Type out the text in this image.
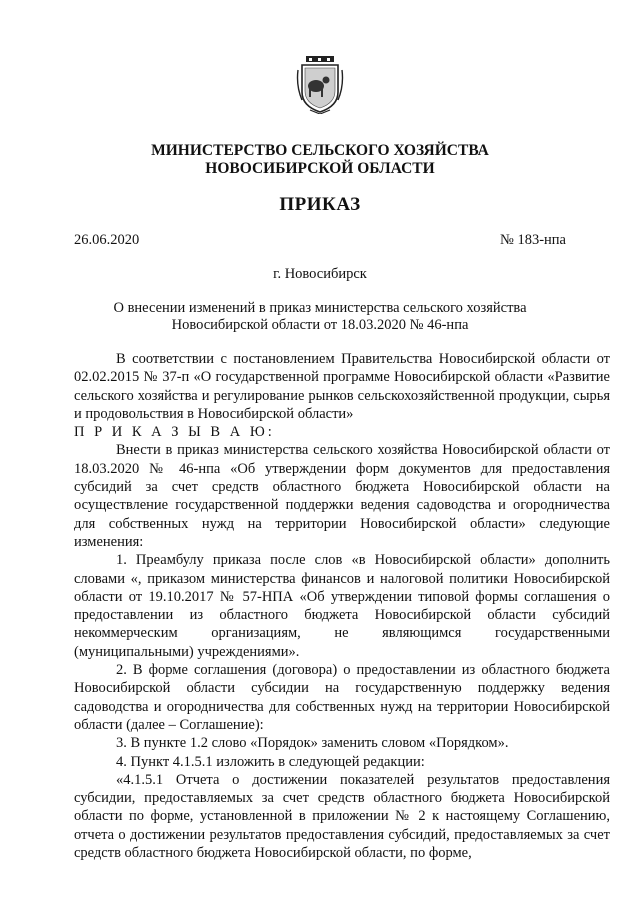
МИНИСТЕРСТВО СЕЛЬСКОГО ХОЗЯЙСТВА
НОВОСИБИРСКОЙ ОБЛАСТИ
ПРИКАЗ
26.06.2020	№ 183-нпа
г. Новосибирск
О внесении изменений в приказ министерства сельского хозяйства
Новосибирской области от 18.03.2020 № 46-нпа

В соответствии с постановлением Правительства Новосибирской области от 02.02.2015 № 37-п «О государственной программе Новосибирской области «Развитие сельского хозяйства и регулирование рынков сельскохозяйственной продукции, сырья и продовольствия в Новосибирской области»

П Р И К А З Ы В А Ю:

Внести в приказ министерства сельского хозяйства Новосибирской области от 18.03.2020 № 46-нпа «Об утверждении форм документов для предоставления субсидий за счет средств областного бюджета Новосибирской области на осуществление государственной поддержки ведения садоводства и огородничества для собственных нужд на территории Новосибирской области» следующие изменения:

1. Преамбулу приказа после слов «в Новосибирской области» дополнить словами «, приказом министерства финансов и налоговой политики Новосибирской области от 19.10.2017 № 57-НПА «Об утверждении типовой формы соглашения о предоставлении из областного бюджета Новосибирской области субсидий некоммерческим организациям, не являющимся государственными (муниципальными) учреждениями».

2. В форме соглашения (договора) о предоставлении из областного бюджета Новосибирской области субсидии на государственную поддержку ведения садоводства и огородничества для собственных нужд на территории Новосибирской области (далее – Соглашение):

3. В пункте 1.2 слово «Порядок» заменить словом «Порядком».

4. Пункт 4.1.5.1 изложить в следующей редакции:

«4.1.5.1 Отчета о достижении показателей результатов предоставления субсидии, предоставляемых за счет средств областного бюджета Новосибирской области по форме, установленной в приложении № 2 к настоящему Соглашению, отчета о достижении результатов предоставления субсидий, предоставляемых за счет средств областного бюджета Новосибирской области, по форме,
